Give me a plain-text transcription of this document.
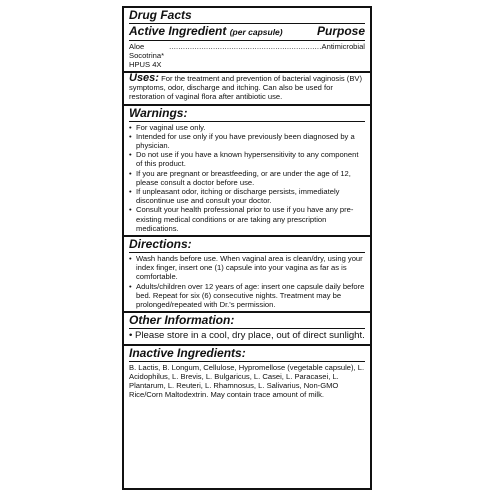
Drug Facts
Active Ingredient (per capsule)	Purpose
Aloe Socotrina* HPUS 4X
.................................................................. Antimicrobial
Uses: For the treatment and prevention of bacterial vaginosis (BV) symptoms, odor, discharge and itching. Can also be used for restoration of vaginal flora after antibiotic use.
Warnings:
• For vaginal use only.
• Intended for use only if you have previously been diagnosed by a physician.
• Do not use if you have a known hypersensitivity to any component of this product.
• If you are pregnant or breastfeeding, or are under the age of 12, please consult a doctor before use.
• If unpleasant odor, itching or discharge persists, immediately discontinue use and consult your doctor.
• Consult your health professional prior to use if you have any pre-existing medical conditions or are taking any prescription medications.
Directions:
• Wash hands before use. When vaginal area is clean/dry, using your index finger, insert one (1) capsule into your vagina as far as is comfortable.
• Adults/children over 12 years of age: insert one capsule daily before bed. Repeat for six (6) consecutive nights. Treatment may be prolonged/repeated with Dr.'s permission.
Other Information:
• Please store in a cool, dry place, out of direct sunlight.
Inactive Ingredients:
B. Lactis, B. Longum, Cellulose, Hypromellose (vegetable capsule), L. Acidophilus, L. Brevis, L. Bulgaricus, L. Casei, L. Paracasei, L. Plantarum, L. Reuteri, L. Rhamnosus, L. Salivarius, Non-GMO Rice/Corn Maltodextrin. May contain trace amount of milk.
